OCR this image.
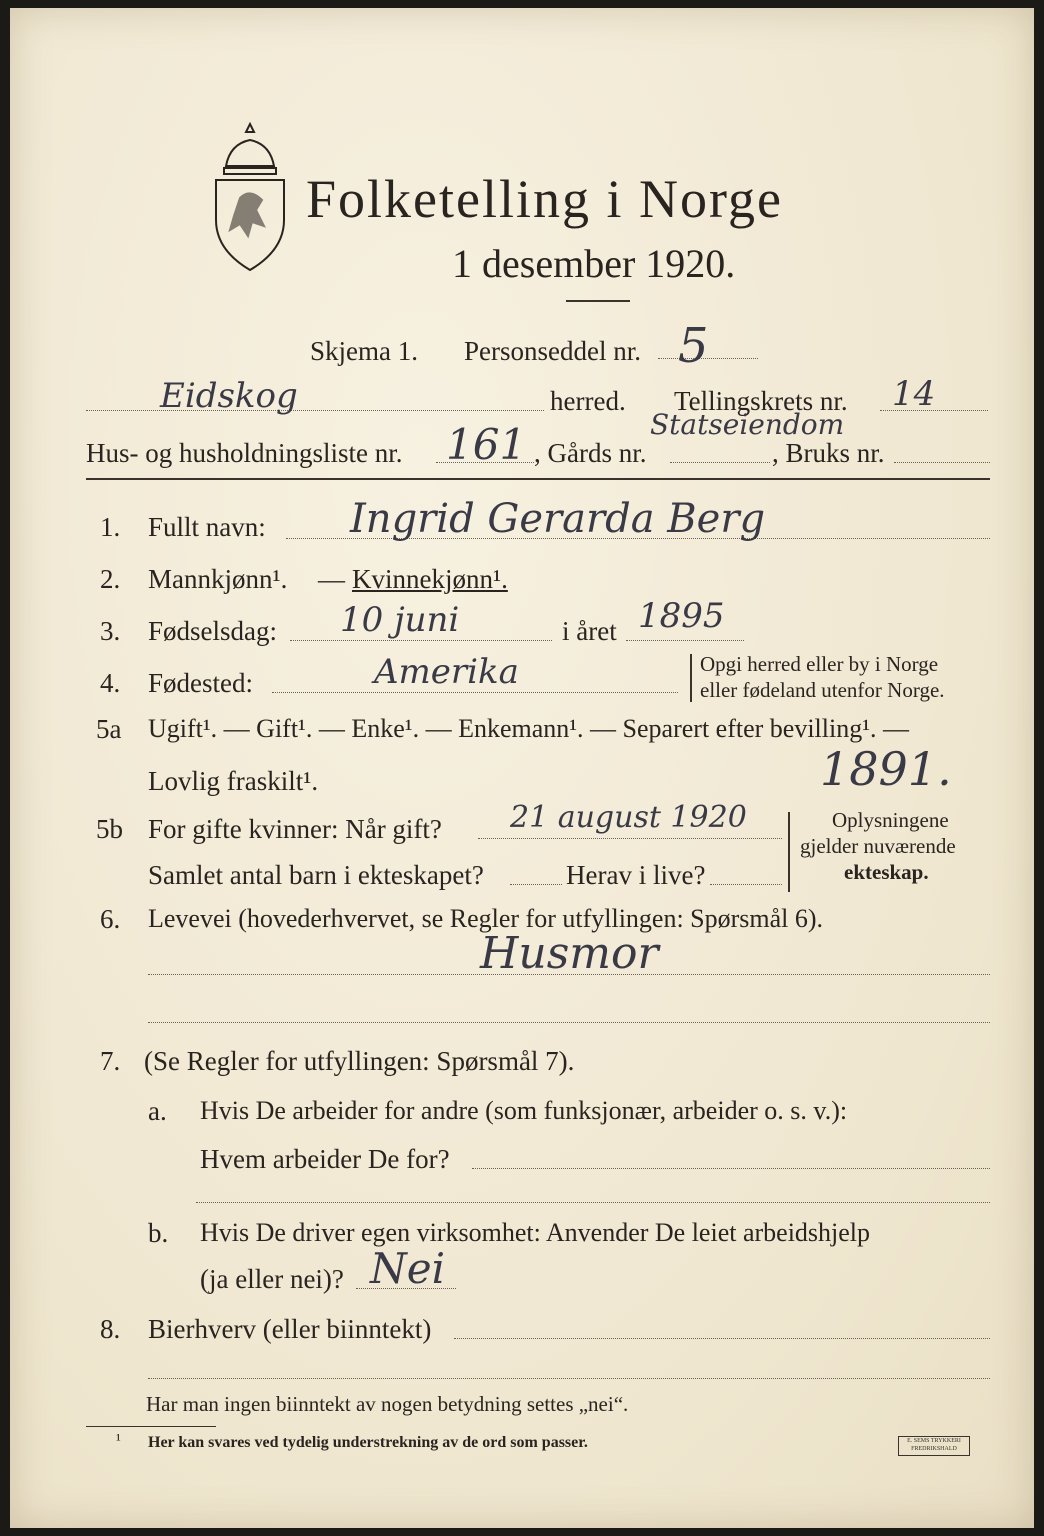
Folketelling i Norge
1 desember 1920.
Skjema 1. Personseddel nr. 5
Eidskog	herred. Tellingskrets nr. 14
Hus- og husholdningsliste nr. 161 , Gårds nr.
Statseiendom
, Bruks nr.
1. Fullt navn: Ingrid Gerarda Berg
2. Mannkjønn¹. — Kvinnekjønn¹.
3. Fødselsdag: 10 juni	i året 1895
4. Fødested:	Amerika	Opgi herred eller by i Norge
eller fødeland utenfor Norge.
5a Ugift¹. — Gift¹. — Enke¹. — Enkemann¹. — Separert efter bevilling¹. —
Lovlig fraskilt¹.	1891.
5b For gifte kvinner: Når gift? 21 august 1920
Samlet antal barn i ekteskapet?	Herav i live?
Oplysningene
gjelder nuværende
ekteskap.
6. Levevei (hovederhvervet, se Regler for utfyllingen: Spørsmål 6).
Husmor
7. (Se Regler for utfyllingen: Spørsmål 7).
a. Hvis De arbeider for andre (som funksjonær, arbeider o. s. v.):
Hvem arbeider De for?
b. Hvis De driver egen virksomhet: Anvender De leiet arbeidshjelp
(ja eller nei)? Nei
8. Bierhverv (eller biinntekt)
Har man ingen biinntekt av nogen betydning settes „nei“.
¹ Her kan svares ved tydelig understrekning av de ord som passer.	E. SEMS TRYKKERI FREDRIKSHALD
